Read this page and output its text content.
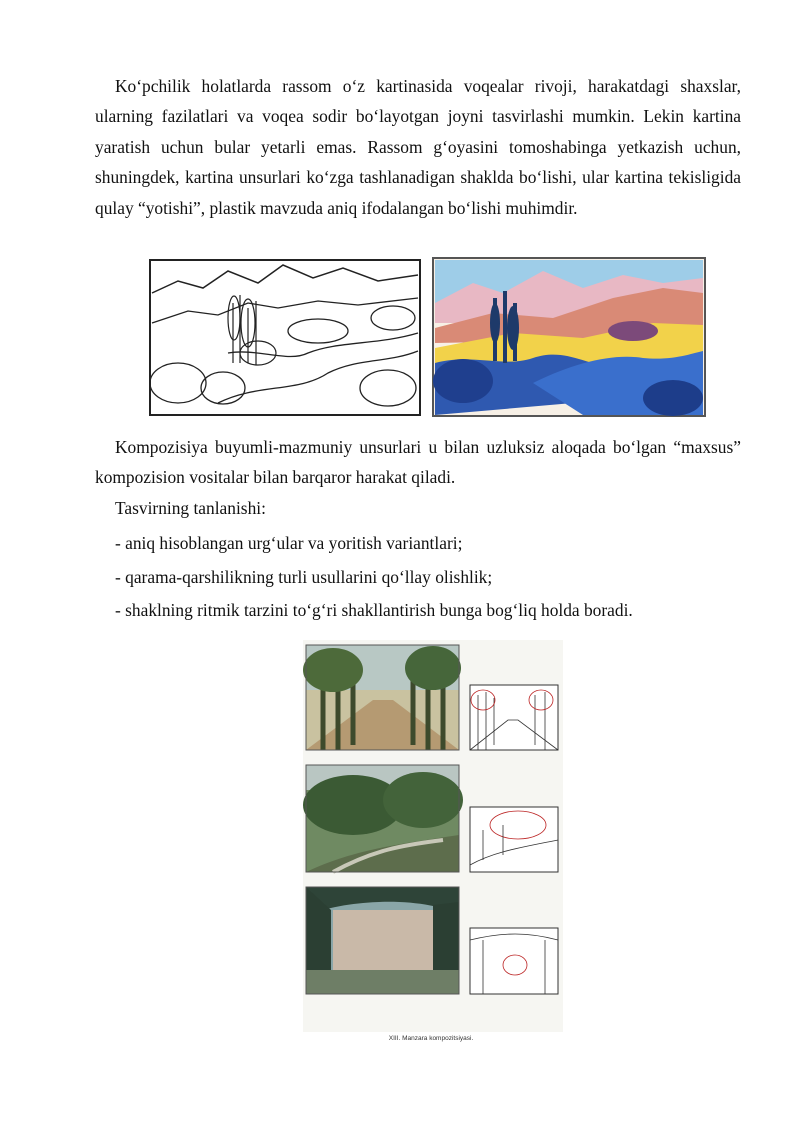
Ko‘pchilik holatlarda rassom o‘z kartinasida voqealar rivoji, harakatdagi shaxslar, ularning fazilatlari va voqea sodir bo‘layotgan joyni tasvirlashi mumkin. Lekin kartina yaratish uchun bular yetarli emas. Rassom g‘oyasini tomoshabinga yetkazish uchun, shuningdek, kartina unsurlari ko‘zga tashlanadigan shaklda bo‘lishi, ular kartina tekisligida qulay “yotishi”, plastik mavzuda aniq ifodalangan bo‘lishi muhimdir.

Kompozisiya buyumli-mazmuniy unsurlari u bilan uzluksiz aloqada bo‘lgan “maxsus” kompozision vositalar bilan barqaror harakat qiladi.

Tasvirning tanlanishi:

- aniq hisoblangan urg‘ular va yoritish variantlari;

- qarama-qarshilikning turli usullarini qo‘llay olishlik;

- shaklning ritmik tarzini to‘g‘ri shakllantirish bunga bog‘liq holda boradi.

XIII. Manzara kompozitsiyasi.
